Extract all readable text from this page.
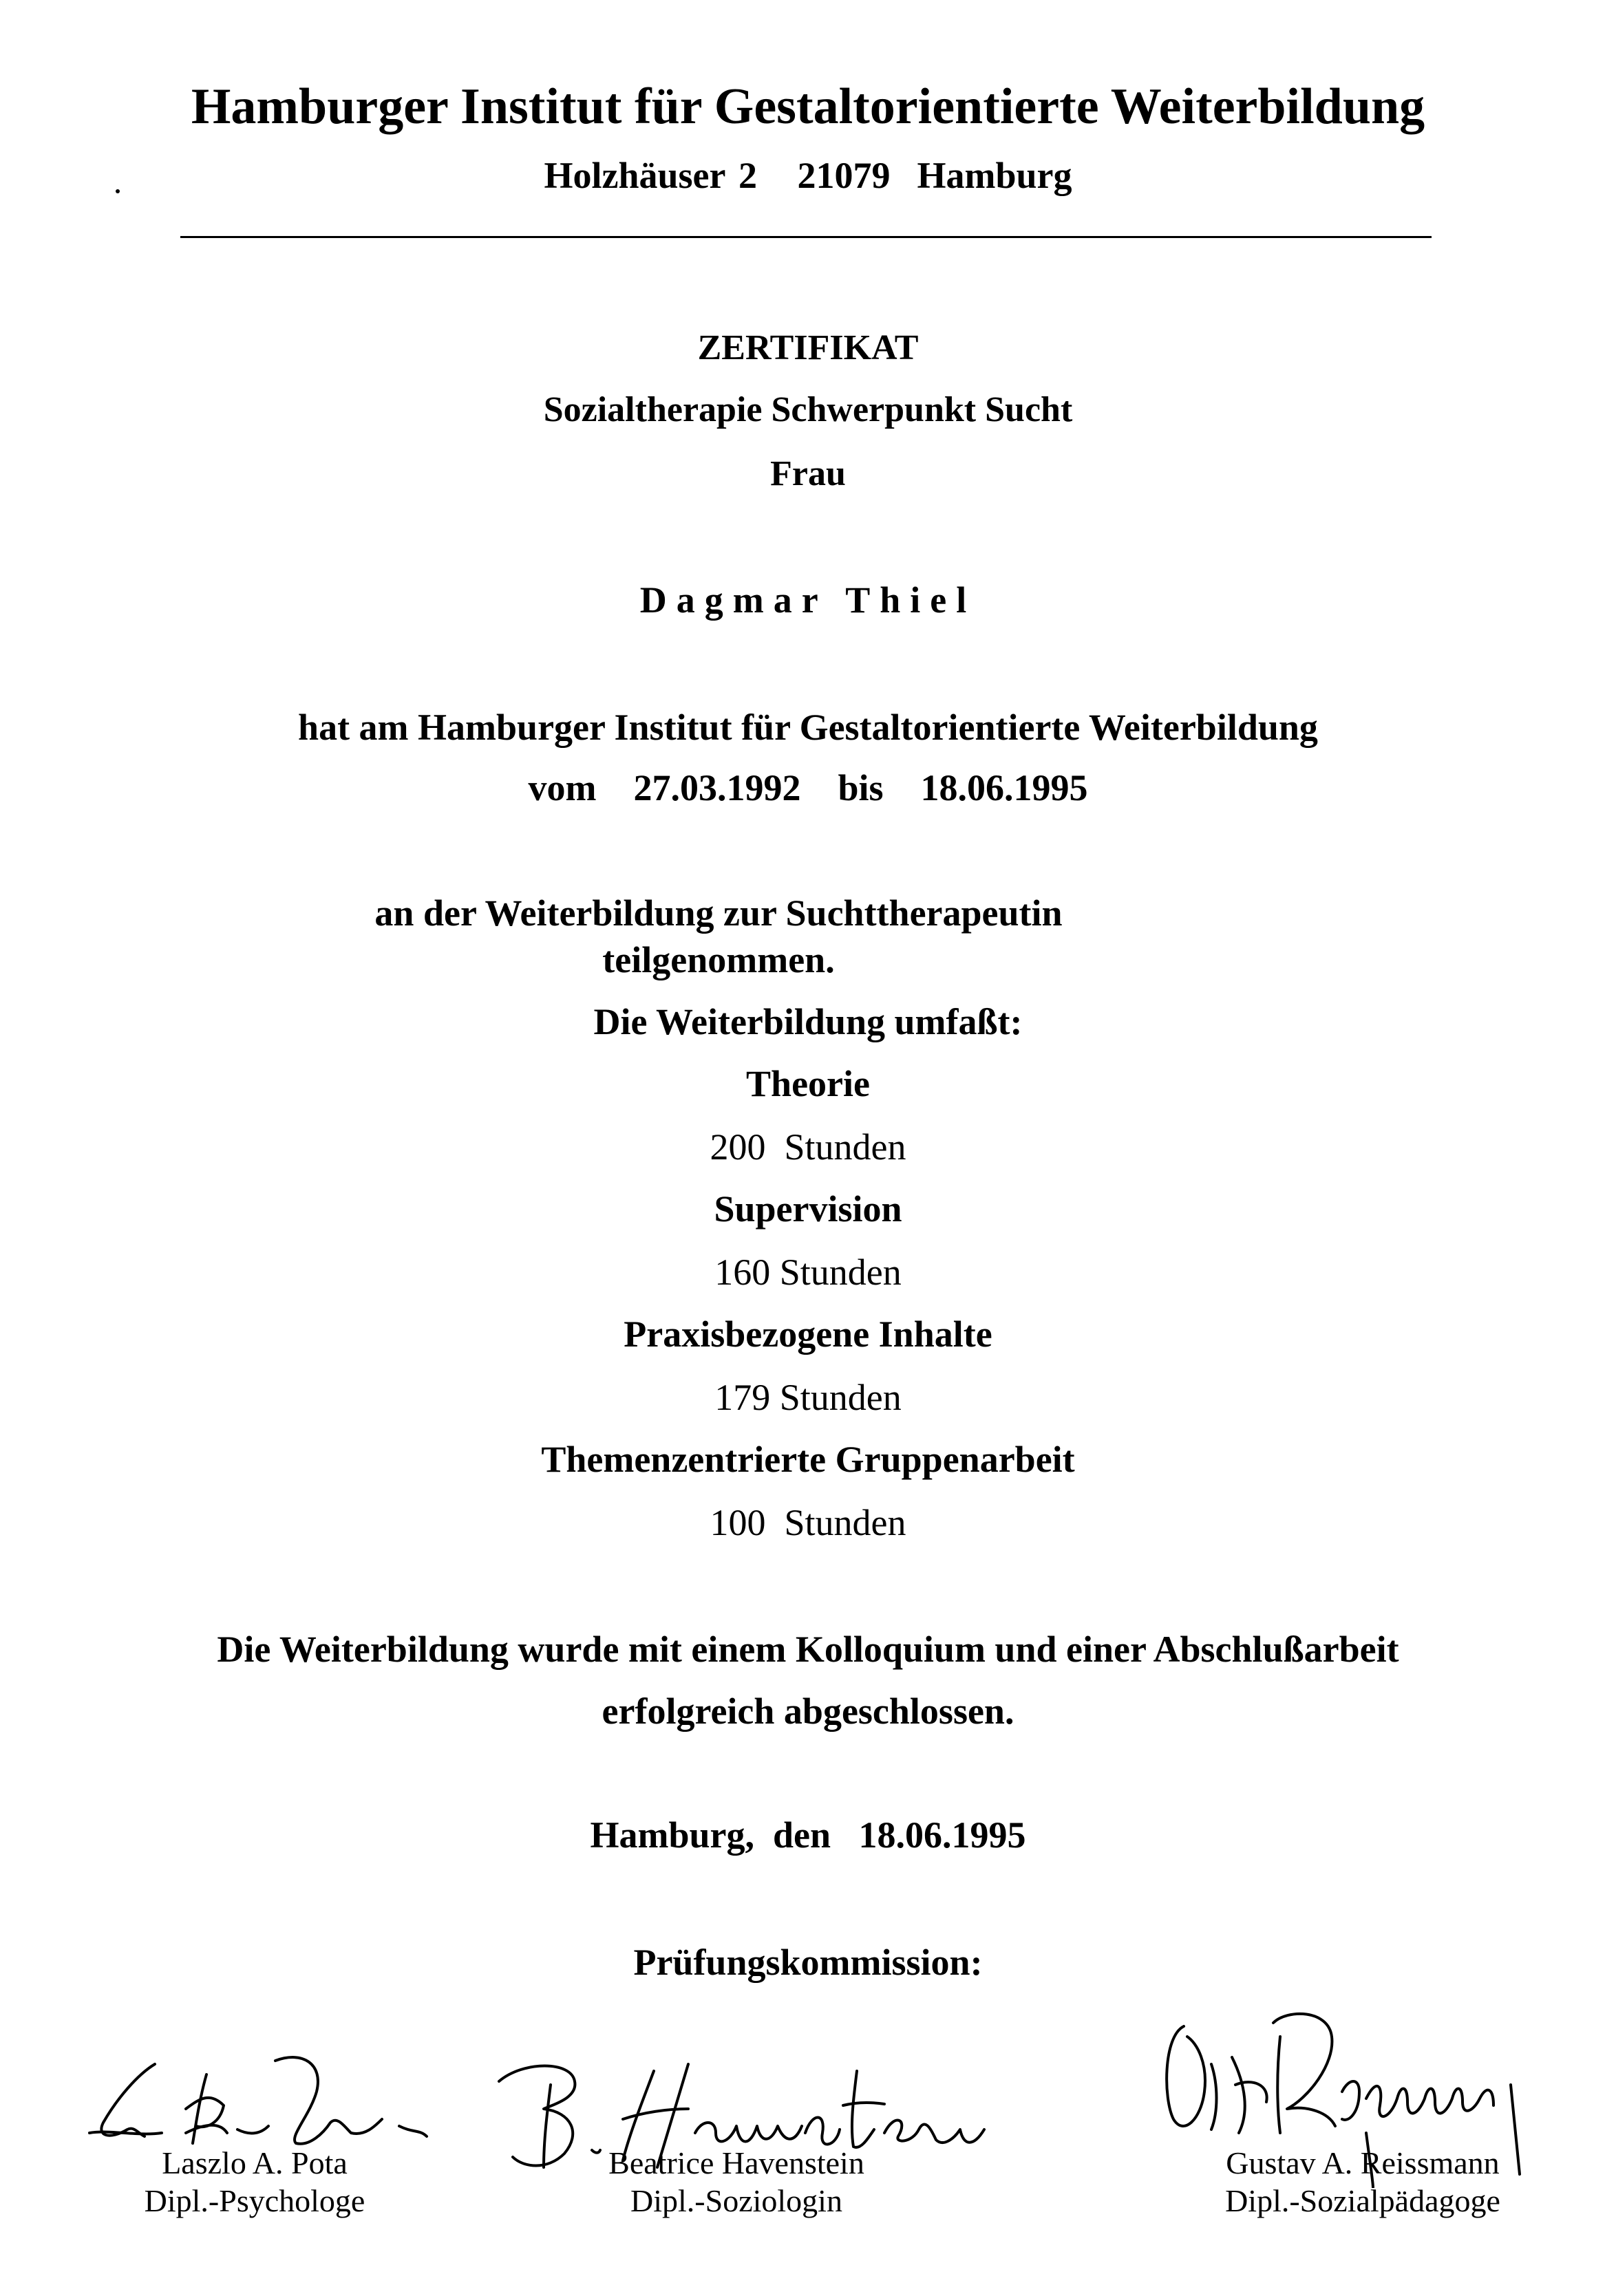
Hamburger Institut für Gestaltorientierte Weiterbildung
Holzhäuser 2   21079  Hamburg
ZERTIFIKAT
Sozialtherapie Schwerpunkt Sucht
Frau
Dagmar Thiel
hat am Hamburger Institut für Gestaltorientierte Weiterbildung
vom 27.03.1992 bis 18.06.1995
an der Weiterbildung zur Suchttherapeutin
teilgenommen.
Die Weiterbildung umfaßt:
Theorie
200  Stunden
Supervision
160 Stunden
Praxisbezogene Inhalte
179 Stunden
Themenzentrierte Gruppenarbeit
100  Stunden
Die Weiterbildung wurde mit einem Kolloquium und einer Abschlußarbeit
erfolgreich abgeschlossen.
Hamburg,  den   18.06.1995
Prüfungskommission:
Laszlo A. Pota
Dipl.-Psychologe
Beatrice Havenstein
Dipl.-Soziologin
Gustav A. Reissmann
Dipl.-Sozialpädagoge
